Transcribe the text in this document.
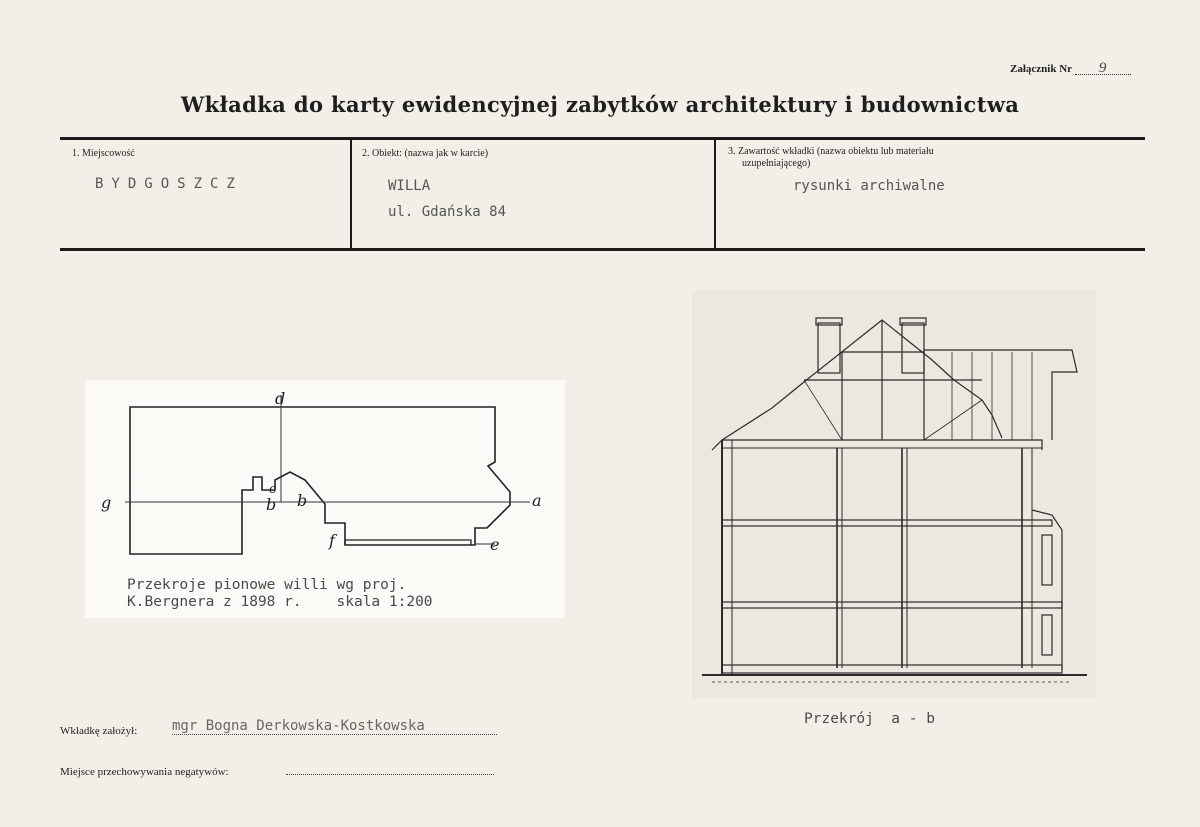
Załącznik Nr 9
Wkładka do karty ewidencyjnej zabytków architektury i budownictwa
1. Miejscowość
BYDGOSZCZ
2. Obiekt: (nazwa jak w karcie)
WILLA
ul. Gdańska 84
3. Zawartość wkładki (nazwa obiektu lub materiału
uzupełniającego)
rysunki archiwalne
a
b
b
c
d
e
f
g
Przekroje pionowe willi wg proj.
K.Bergnera z 1898 r.    skala 1:200
Przekrój  a - b
Wkładkę założył: mgr Bogna Derkowska-Kostkowska
Miejsce przechowywania negatywów:
